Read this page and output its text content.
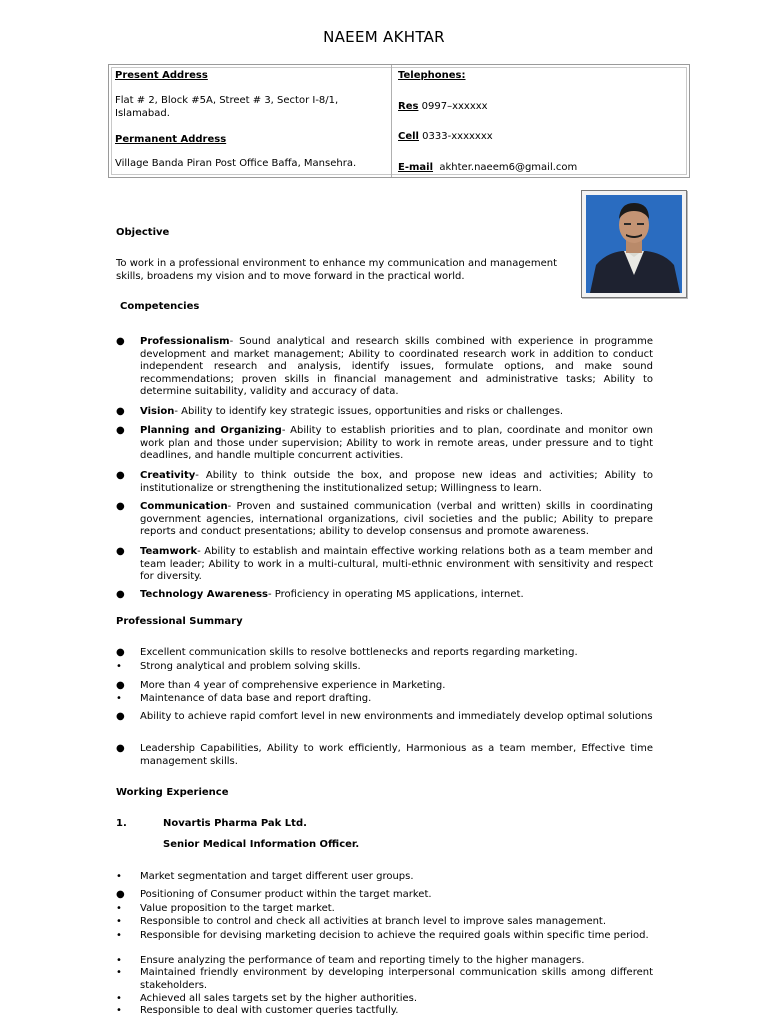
NAEEM AKHTAR
Present Address
Flat # 2, Block #5A, Street # 3, Sector I-8/1,
Islamabad.
Permanent Address
Village Banda Piran Post Office Baffa, Mansehra.
Telephones:
Res 0997–xxxxxx
Cell 0333-xxxxxxx
E-mail akhter.naeem6@gmail.com
Objective
To work in a professional environment to enhance my communication and management
skills, broadens my vision and to move forward in the practical world.
Competencies
● Professionalism- Sound analytical and research skills combined with experience in programme development and market management; Ability to coordinated research work in addition to conduct independent research and analysis, identify issues, formulate options, and make sound recommendations; proven skills in financial management and administrative tasks; Ability to determine suitability, validity and accuracy of data.
● Vision- Ability to identify key strategic issues, opportunities and risks or challenges.
● Planning and Organizing- Ability to establish priorities and to plan, coordinate and monitor own work plan and those under supervision; Ability to work in remote areas, under pressure and to tight deadlines, and handle multiple concurrent activities.
● Creativity- Ability to think outside the box, and propose new ideas and activities; Ability to institutionalize or strengthening the institutionalized setup; Willingness to learn.
● Communication- Proven and sustained communication (verbal and written) skills in coordinating government agencies, international organizations, civil societies and the public; Ability to prepare reports and conduct presentations; ability to develop consensus and promote awareness.
● Teamwork- Ability to establish and maintain effective working relations both as a team member and team leader; Ability to work in a multi-cultural, multi-ethnic environment with sensitivity and respect for diversity.
● Technology Awareness- Proficiency in operating MS applications, internet.
Professional Summary
● Excellent communication skills to resolve bottlenecks and reports regarding marketing.
• Strong analytical and problem solving skills.
● More than 4 year of comprehensive experience in Marketing.
• Maintenance of data base and report drafting.
● Ability to achieve rapid comfort level in new environments and immediately develop optimal solutions
● Leadership Capabilities, Ability to work efficiently, Harmonious as a team member, Effective time management skills.
Working Experience
1.	Novartis Pharma Pak Ltd.
Senior Medical Information Officer.
• Market segmentation and target different user groups.
● Positioning of Consumer product within the target market.
• Value proposition to the target market.
• Responsible to control and check all activities at branch level to improve sales management.
• Responsible for devising marketing decision to achieve the required goals within specific time period.
• Ensure analyzing the performance of team and reporting timely to the higher managers.
• Maintained friendly environment by developing interpersonal communication skills among different stakeholders.
• Achieved all sales targets set by the higher authorities.
• Responsible to deal with customer queries tactfully.
